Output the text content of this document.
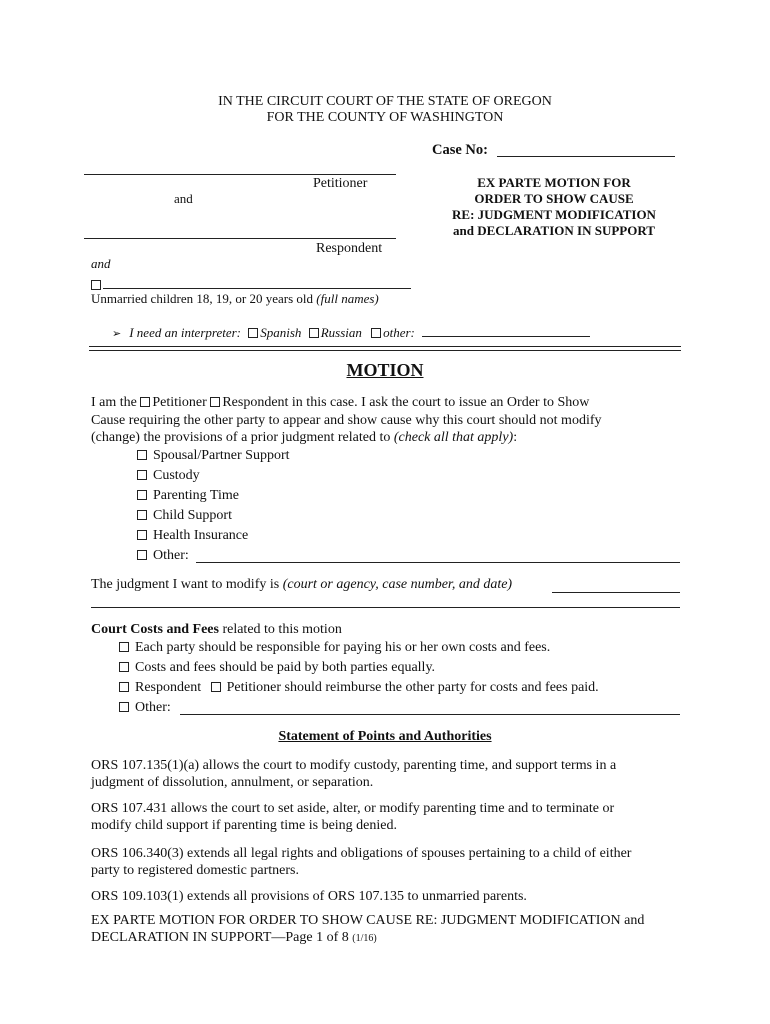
IN THE CIRCUIT COURT OF THE STATE OF OREGON
FOR THE COUNTY OF WASHINGTON
Case No:
Petitioner
and
Respondent
and
Unmarried children 18, 19, or 20 years old (full names)
EX PARTE MOTION FOR
ORDER TO SHOW CAUSE
RE: JUDGMENT MODIFICATION
and DECLARATION IN SUPPORT
➢ I need an interpreter: Spanish Russian other:
MOTION
I am the Petitioner Respondent in this case. I ask the court to issue an Order to Show
Cause requiring the other party to appear and show cause why this court should not modify
(change) the provisions of a prior judgment related to (check all that apply):
Spousal/Partner Support
Custody
Parenting Time
Child Support
Health Insurance
Other:
The judgment I want to modify is (court or agency, case number, and date)
Court Costs and Fees related to this motion
Each party should be responsible for paying his or her own costs and fees.
Costs and fees should be paid by both parties equally.
Respondent Petitioner should reimburse the other party for costs and fees paid.
Other:
Statement of Points and Authorities
ORS 107.135(1)(a) allows the court to modify custody, parenting time, and support terms in a
judgment of dissolution, annulment, or separation.
ORS 107.431 allows the court to set aside, alter, or modify parenting time and to terminate or
modify child support if parenting time is being denied.
ORS 106.340(3) extends all legal rights and obligations of spouses pertaining to a child of either
party to registered domestic partners.
ORS 109.103(1) extends all provisions of ORS 107.135 to unmarried parents.
EX PARTE MOTION FOR ORDER TO SHOW CAUSE RE: JUDGMENT MODIFICATION and
DECLARATION IN SUPPORT—Page 1 of 8 (1/16)
